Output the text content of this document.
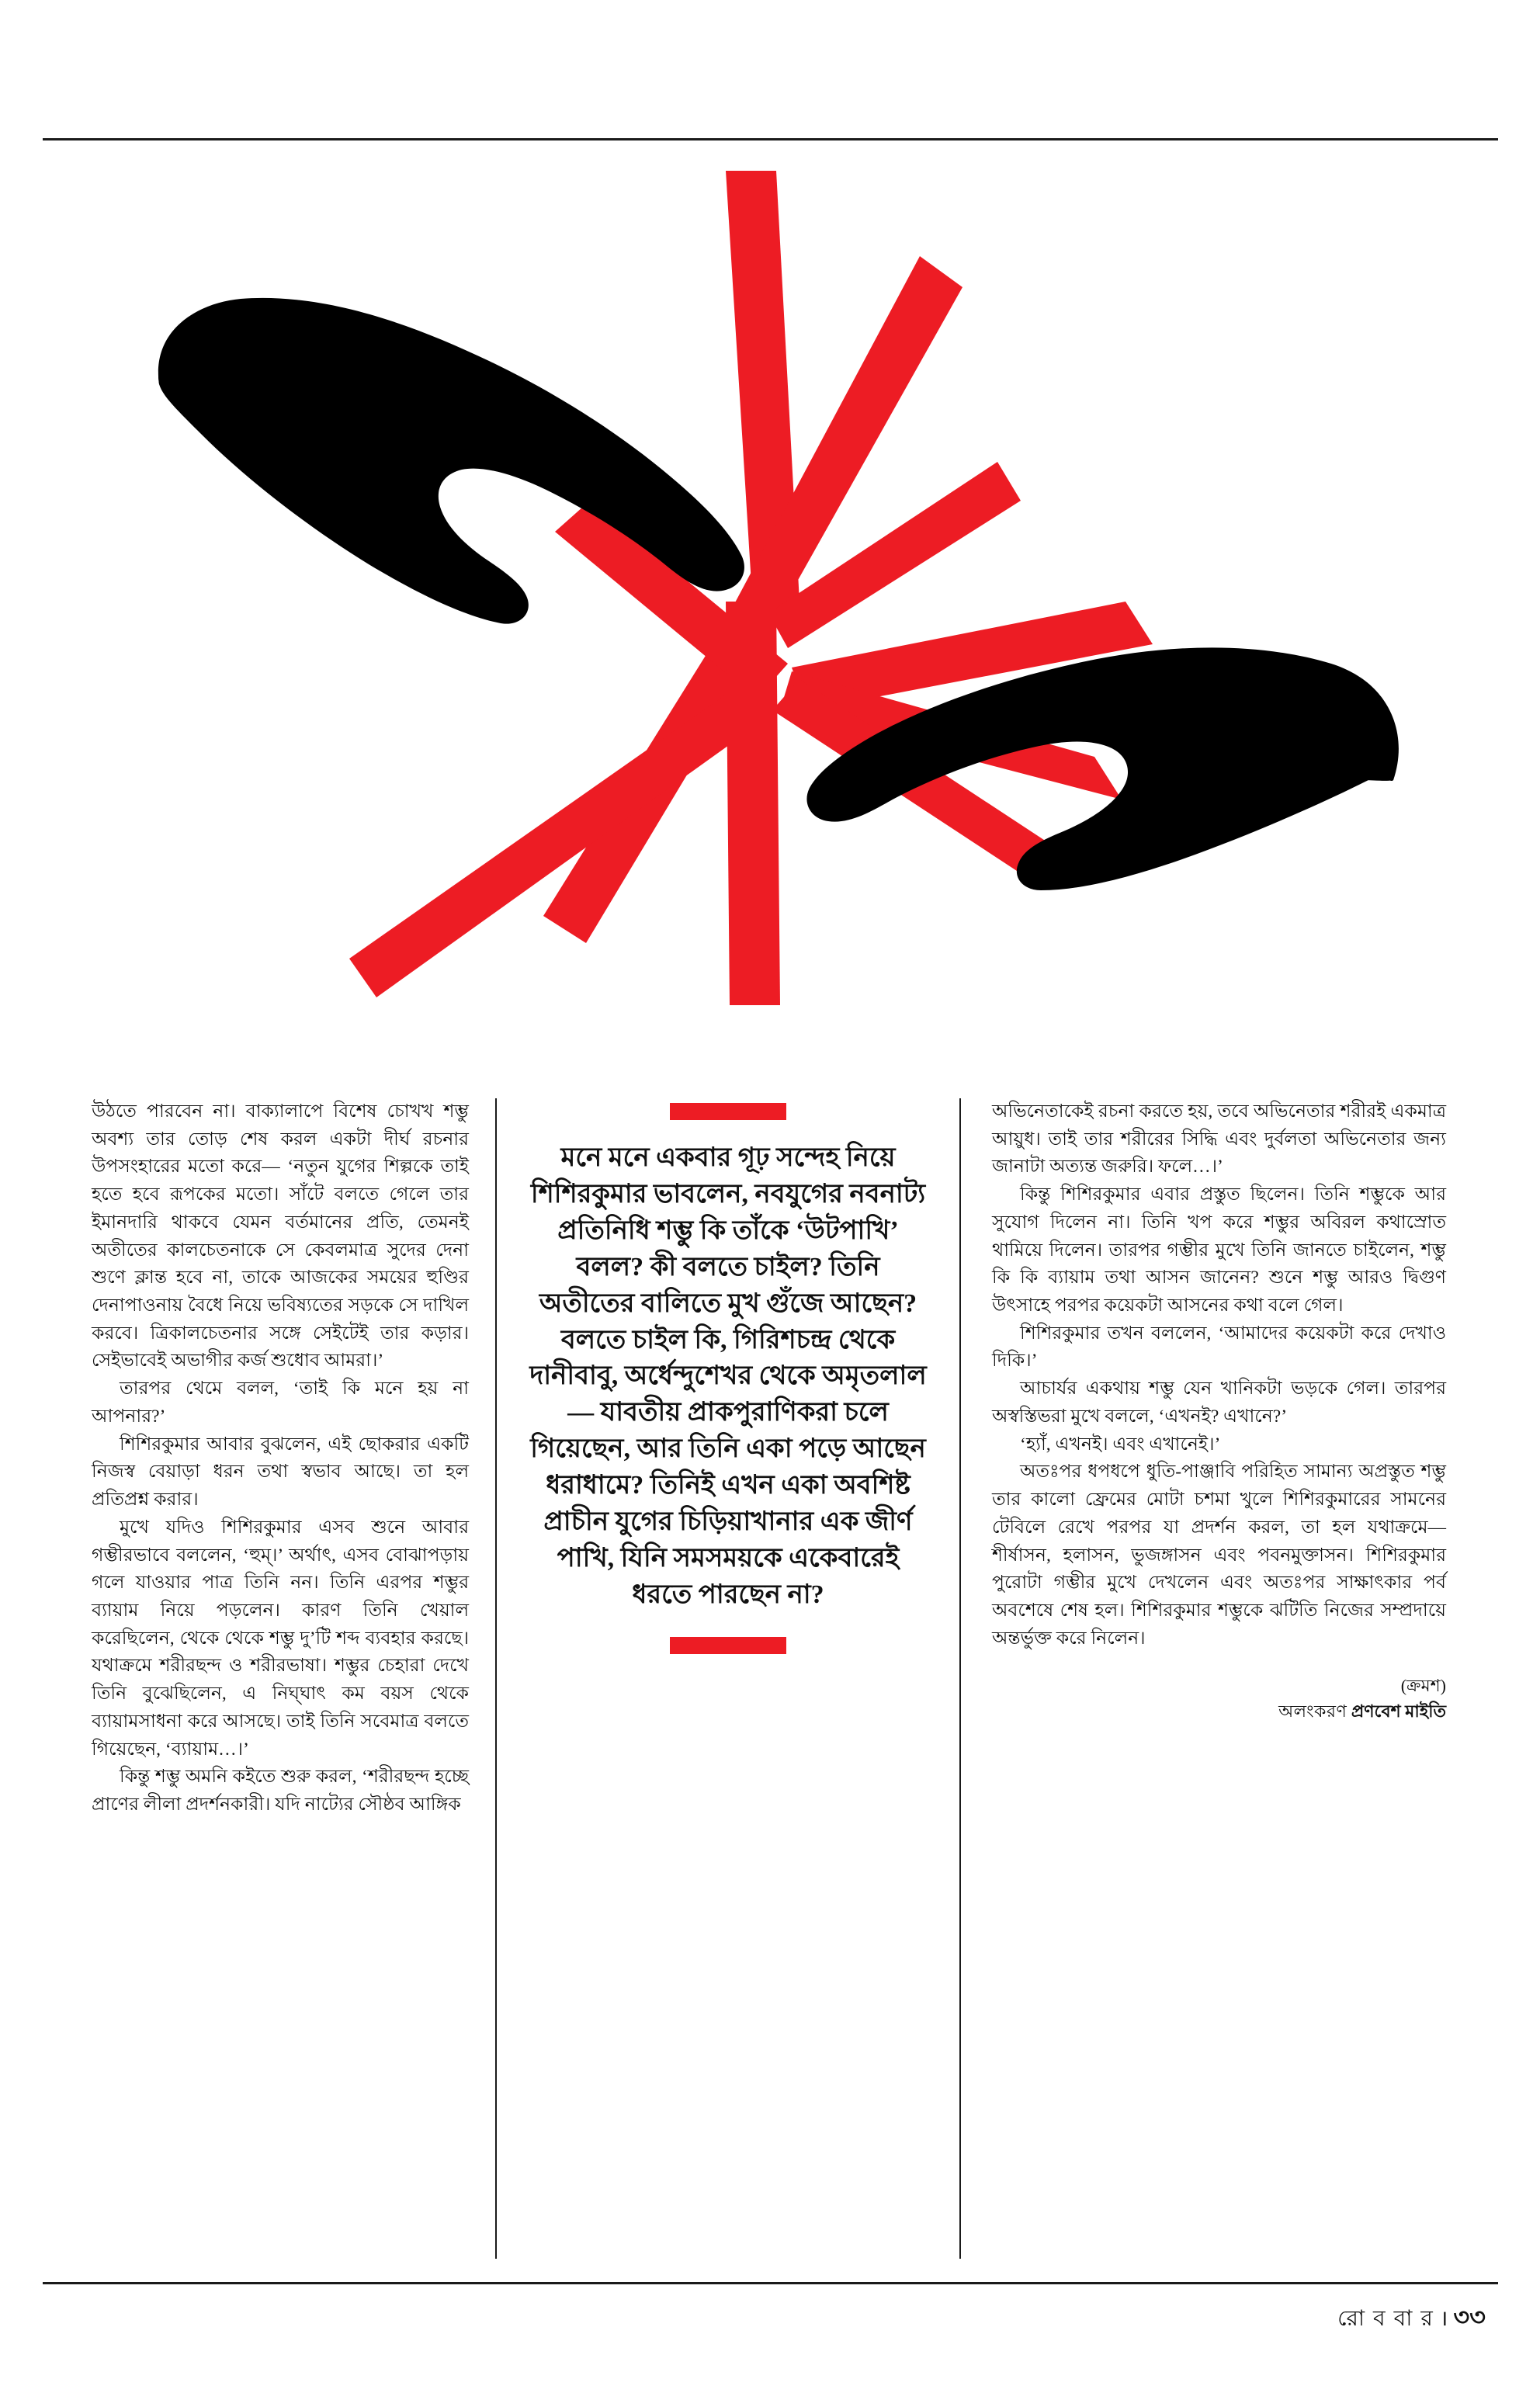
উঠতে পারবেন না। বাক্যালাপে বিশেষ চোখখ শম্ভু অবশ্য তার তোড় শেষ করল একটা দীর্ঘ রচনার উপসংহারের মতো করে— ‘নতুন যুগের শিল্পকে তাই হতে হবে রূপকের মতো। সাঁটে বলতে গেলে তার ইমানদারি থাকবে যেমন বর্তমানের প্রতি, তেমনই অতীতের কালচেতনাকে সে কেবলমাত্র সুদের দেনা শুণে ক্লান্ত হবে না, তাকে আজকের সময়ের হুণ্ডির দেনাপাওনায় বৈধে নিয়ে ভবিষ্যতের সড়কে সে দাখিল করবে। ত্রিকালচেতনার সঙ্গে সেইটেই তার কড়ার। সেইভাবেই অভাগীর কর্জ শুধোব আমরা।’

তারপর থেমে বলল, ‘তাই কি মনে হয় না আপনার?’

শিশিরকুমার আবার বুঝলেন, এই ছোকরার একটি নিজস্ব বেয়াড়া ধরন তথা স্বভাব আছে। তা হল প্রতিপ্রশ্ন করার।

মুখে যদিও শিশিরকুমার এসব শুনে আবার গম্ভীরভাবে বললেন, ‘হুম্‌।’ অর্থাৎ, এসব বোঝাপড়ায় গলে যাওয়ার পাত্র তিনি নন। তিনি এরপর শম্ভুর ব্যায়াম নিয়ে পড়লেন। কারণ তিনি খেয়াল করেছিলেন, থেকে থেকে শম্ভু দু’টি শব্দ ব্যবহার করছে। যথাক্রমে শরীরছন্দ ও শরীরভাষা। শম্ভুর চেহারা দেখে তিনি বুঝেছিলেন, এ নিঘ্‌ঘাৎ কম বয়স থেকে ব্যায়ামসাধনা করে আসছে। তাই তিনি সবেমাত্র বলতে গিয়েছেন, ‘ব্যায়াম…।’

কিন্তু শম্ভু অমনি কইতে শুরু করল, ‘শরীরছন্দ হচ্ছে প্রাণের লীলা প্রদর্শনকারী। যদি নাট্যের সৌষ্ঠব আঙ্গিক

মনে মনে একবার গূঢ় সন্দেহ নিয়ে শিশিরকুমার ভাবলেন, নবযুগের নবনাট্য প্রতিনিধি শম্ভু কি তাঁকে ‘উটপাখি’ বলল? কী বলতে চাইল? তিনি অতীতের বালিতে মুখ গুঁজে আছেন? বলতে চাইল কি, গিরিশচন্দ্র থেকে দানীবাবু, অর্ধেন্দুশেখর থেকে অমৃতলাল— যাবতীয় প্রাকপুরাণিকরা চলে গিয়েছেন, আর তিনি একা পড়ে আছেন ধরাধামে? তিনিই এখন একা অবশিষ্ট প্রাচীন যুগের চিড়িয়াখানার এক জীর্ণ পাখি, যিনি সমসময়কে একেবারেই ধরতে পারছেন না?

অভিনেতাকেই রচনা করতে হয়, তবে অভিনেতার শরীরই একমাত্র আয়ুধ। তাই তার শরীরের সিদ্ধি এবং দুর্বলতা অভিনেতার জন্য জানাটা অত্যন্ত জরুরি। ফলে…।’

কিন্তু শিশিরকুমার এবার প্রস্তুত ছিলেন। তিনি শম্ভুকে আর সুযোগ দিলেন না। তিনি খপ করে শম্ভুর অবিরল কথাস্রোত থামিয়ে দিলেন। তারপর গম্ভীর মুখে তিনি জানতে চাইলেন, শম্ভু কি কি ব্যায়াম তথা আসন জানেন? শুনে শম্ভু আরও দ্বিগুণ উৎসাহে পরপর কয়েকটা আসনের কথা বলে গেল।

শিশিরকুমার তখন বললেন, ‘আমাদের কয়েকটা করে দেখাও দিকি।’

আচার্যর একথায় শম্ভু যেন খানিকটা ভড়কে গেল। তারপর অস্বস্তিভরা মুখে বললে, ‘এখনই? এখানে?’

‘হ্যাঁ, এখনই। এবং এখানেই।’

অতঃপর ধপধপে ধুতি-পাঞ্জাবি পরিহিত সামান্য অপ্রস্তুত শম্ভু তার কালো ফ্রেমের মোটা চশমা খুলে শিশিরকুমারের সামনের টেবিলে রেখে পরপর যা প্রদর্শন করল, তা হল যথাক্রমে— শীর্ষাসন, হলাসন, ভুজঙ্গাসন এবং পবনমুক্তাসন। শিশিরকুমার পুরোটা গম্ভীর মুখে দেখলেন এবং অতঃপর সাক্ষাৎকার পর্ব অবশেষে শেষ হল। শিশিরকুমার শম্ভুকে ঝটিতি নিজের সম্প্রদায়ে অন্তর্ভুক্ত করে নিলেন।

(ক্রমশ)
অলংকরণ প্রণবেশ মাইতি
রো ব বা র । ৩৩
